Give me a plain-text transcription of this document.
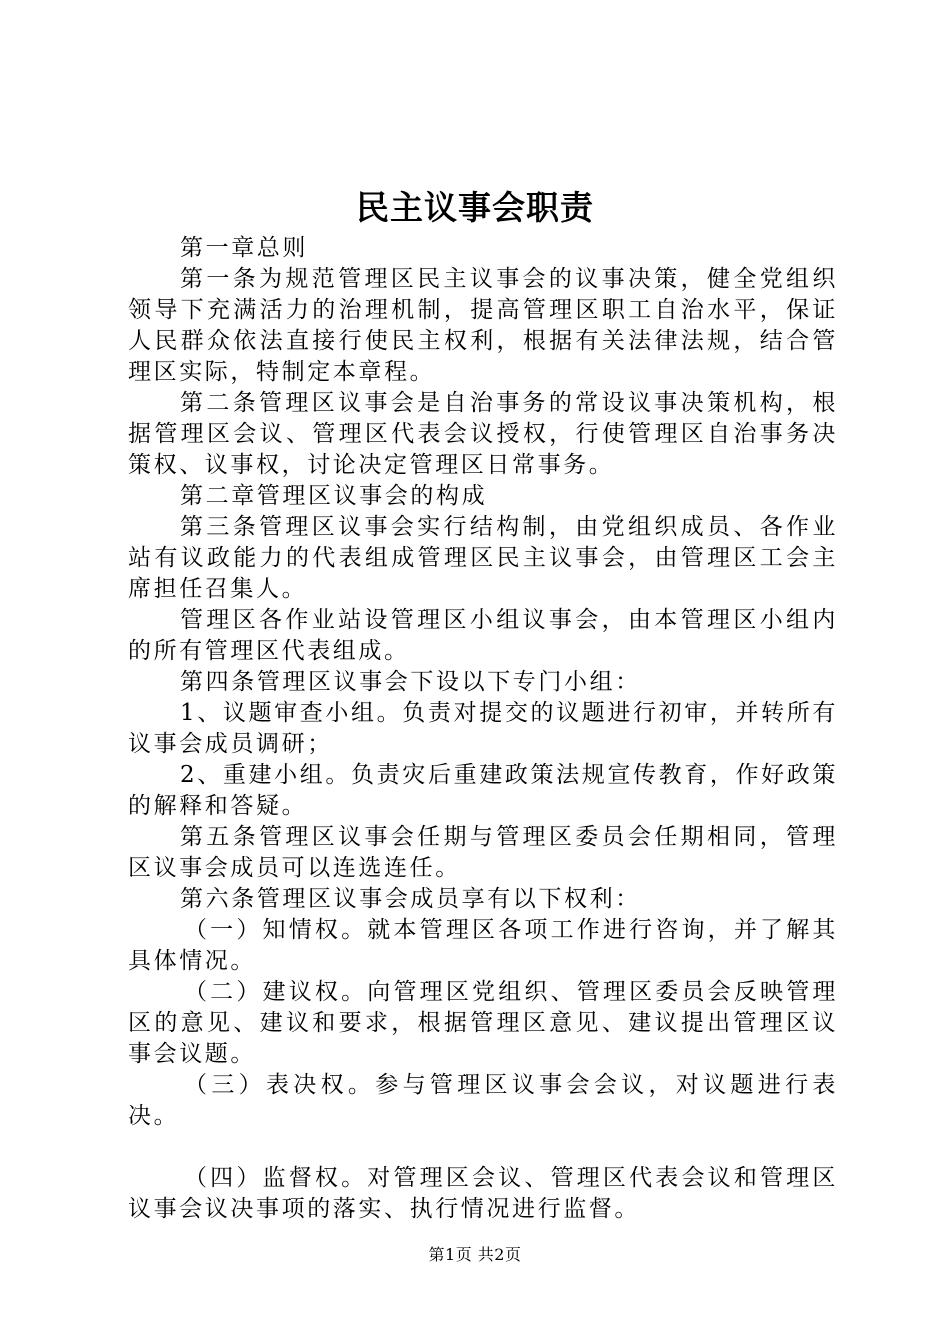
民主议事会职责

第一章总则

第一条为规范管理区民主议事会的议事决策，健全党组织领导下充满活力的治理机制，提高管理区职工自治水平，保证人民群众依法直接行使民主权利，根据有关法律法规，结合管理区实际，特制定本章程。

第二条管理区议事会是自治事务的常设议事决策机构，根据管理区会议、管理区代表会议授权，行使管理区自治事务决策权、议事权，讨论决定管理区日常事务。

第二章管理区议事会的构成

第三条管理区议事会实行结构制，由党组织成员、各作业站有议政能力的代表组成管理区民主议事会，由管理区工会主席担任召集人。

管理区各作业站设管理区小组议事会，由本管理区小组内的所有管理区代表组成。

第四条管理区议事会下设以下专门小组：

1、议题审查小组。负责对提交的议题进行初审，并转所有议事会成员调研；

2、重建小组。负责灾后重建政策法规宣传教育，作好政策的解释和答疑。

第五条管理区议事会任期与管理区委员会任期相同，管理区议事会成员可以连选连任。

第六条管理区议事会成员享有以下权利：

（一）知情权。就本管理区各项工作进行咨询，并了解其具体情况。

（二）建议权。向管理区党组织、管理区委员会反映管理区的意见、建议和要求，根据管理区意见、建议提出管理区议事会议题。

（三）表决权。参与管理区议事会会议，对议题进行表决。

（四）监督权。对管理区会议、管理区代表会议和管理区议事会议决事项的落实、执行情况进行监督。

第1页 共2页
